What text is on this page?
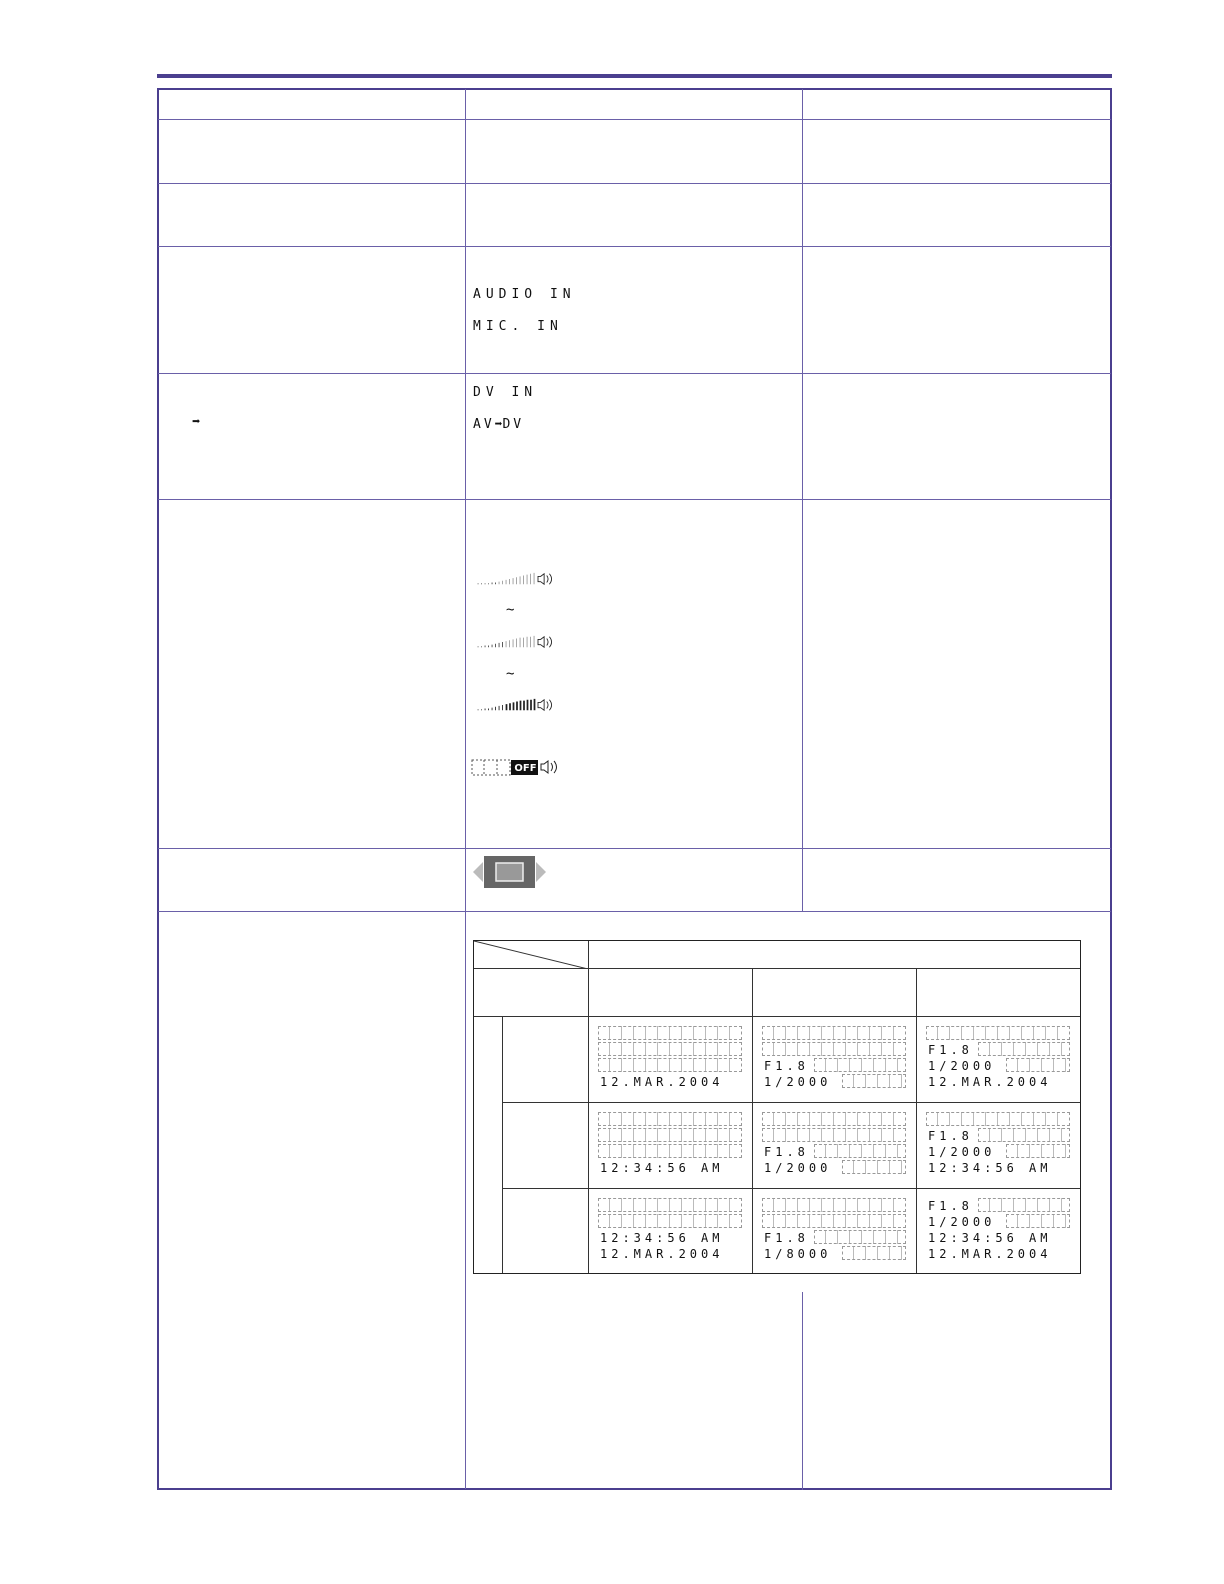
AUDIO IN
MIC. IN
➡
DV IN
AV➡DV
~
~
OFF
12.MAR.2004
F1.8
1/2000
F1.8
1/2000
12.MAR.2004
12:34:56 AM
F1.8
1/2000
F1.8
1/2000
12:34:56 AM
12:34:56 AM
12.MAR.2004
F1.8
1/8000
F1.8
1/2000
12:34:56 AM
12.MAR.2004
